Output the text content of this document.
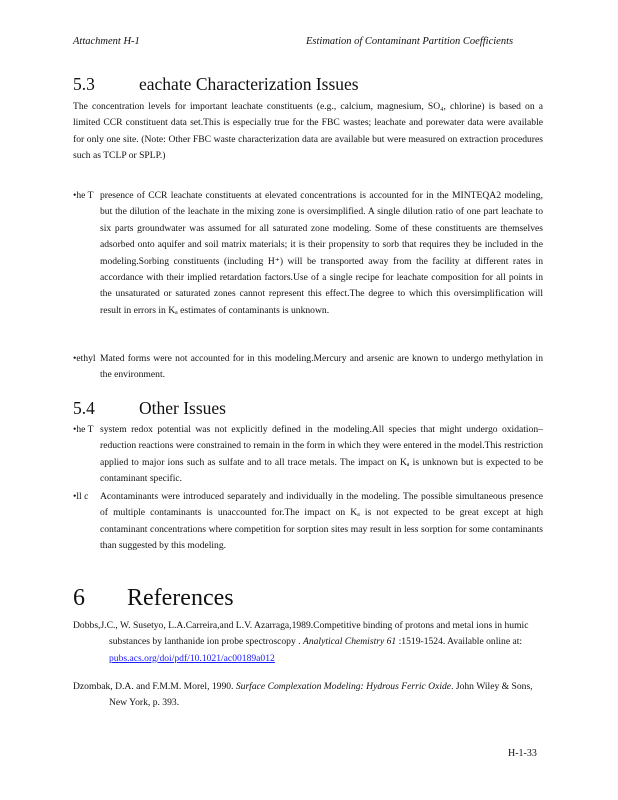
Attachment H-1	Estimation of Contaminant Partition Coefficients
5.3	eachate Characterization Issues
The concentration levels for important leachate constituents (e.g., calcium, magnesium, SO₄, chlorine) is based on a limited CCR constituent data set.This is especially true for the FBC wastes; leachate and porewater data were available for only one site. (Note: Other FBC waste characterization data are available but were measured on extraction procedures such as TCLP or SPLP.)
•he T presence of CCR leachate constituents at elevated concentrations is accounted for in the MINTEQA2 modeling, but the dilution of the leachate in the mixing zone is oversimplified. A single dilution ratio of one part leachate to six parts groundwater was assumed for all saturated zone modeling. Some of these constituents are themselves adsorbed onto aquifer and soil matrix materials; it is their propensity to sorb that requires they be included in the modeling.Sorbing constituents (including H⁺) will be transported away from the facility at different rates in accordance with their implied retardation factors.Use of a single recipe for leachate composition for all points in the unsaturated or saturated zones cannot represent this effect.The degree to which this oversimplification will result in errors in Kₐ estimates of contaminants is unknown.
•ethyl Mated forms were not accounted for in this modeling.Mercury and arsenic are known to undergo methylation in the environment.
5.4	Other Issues
•he T system redox potential was not explicitly defined in the modeling.All species that might undergo oxidation–reduction reactions were constrained to remain in the form in which they were entered in the model.This restriction applied to major ions such as sulfate and to all trace metals. The impact on Kₐ is unknown but is expected to be contaminant specific.
•ll c Acontaminants were introduced separately and individually in the modeling. The possible simultaneous presence of multiple contaminants is unaccounted for.The impact on Kₐ is not expected to be great except at high contaminant concentrations where competition for sorption sites may result in less sorption for some contaminants than suggested by this modeling.
6 References
Dobbs,J.C., W. Susetyo, L.A.Carreira,and L.V. Azarraga,1989.Competitive binding of protons and metal ions in humic substances by lanthanide ion probe spectroscopy . Analytical Chemistry 61 :1519-1524. Available online at: pubs.acs.org/doi/pdf/10.1021/ac00189a012
Dzombak, D.A. and F.M.M. Morel, 1990. Surface Complexation Modeling: Hydrous Ferric Oxide. John Wiley & Sons, New York, p. 393.
H-1-33
